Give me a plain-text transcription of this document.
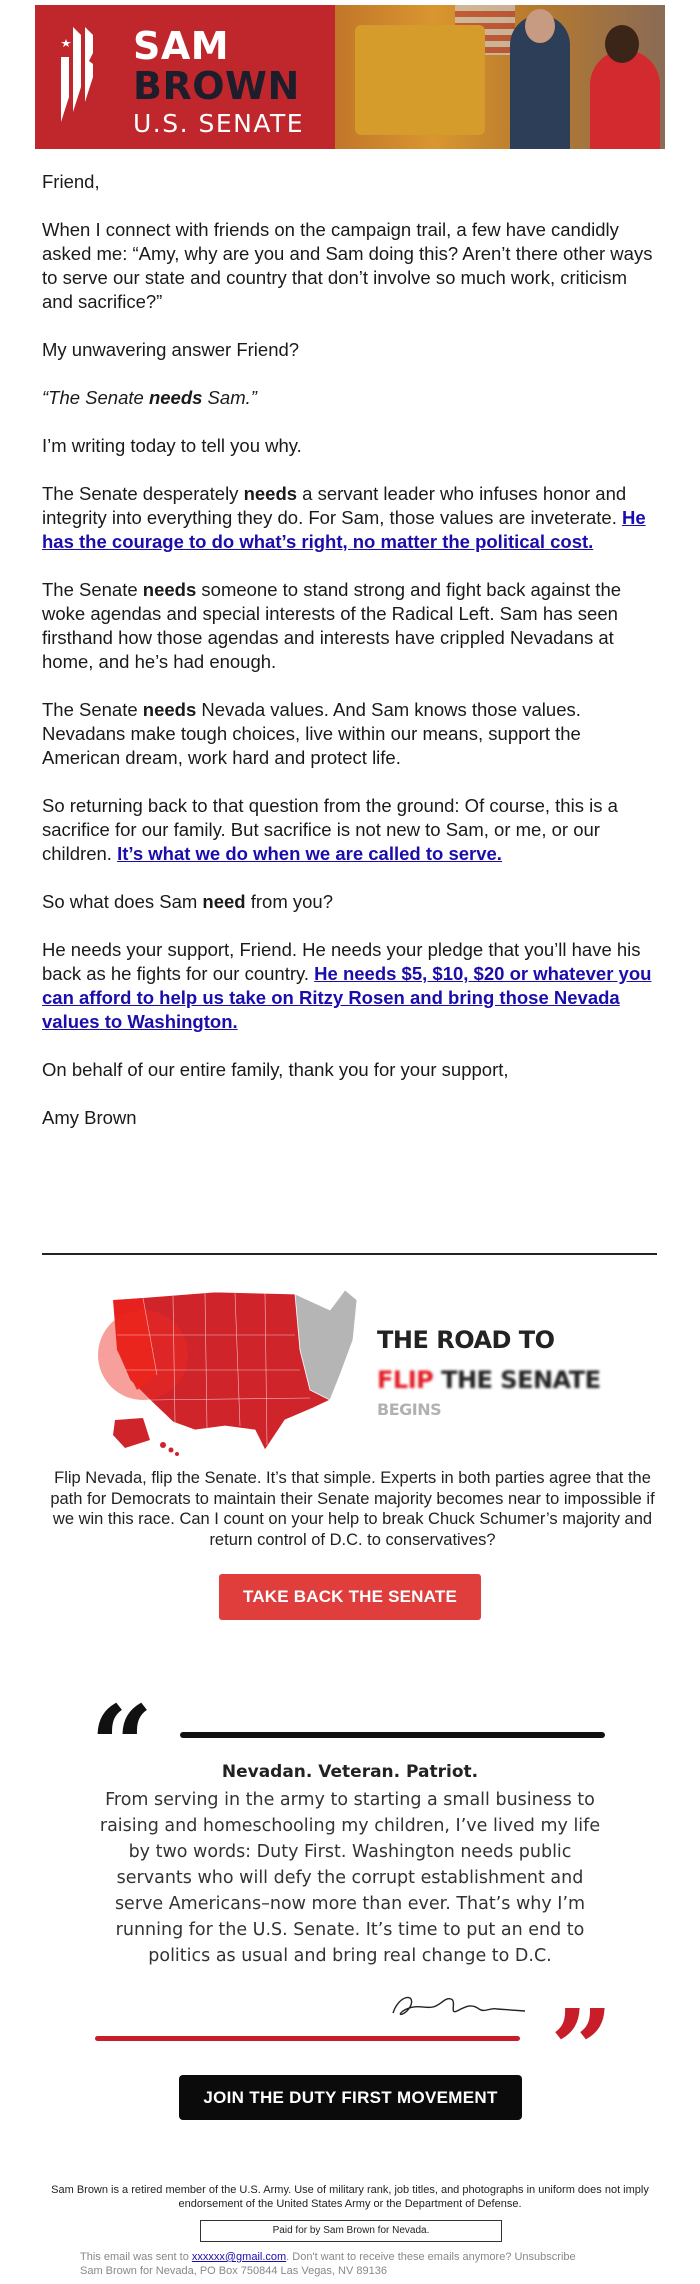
SAM
BROWN
U.S. SENATE

Friend,

When I connect with friends on the campaign trail, a few have candidly asked me: “Amy, why are you and Sam doing this? Aren’t there other ways to serve our state and country that don’t involve so much work, criticism and sacrifice?”

My unwavering answer Friend?

“The Senate needs Sam.”

I’m writing today to tell you why.

The Senate desperately needs a servant leader who infuses honor and integrity into everything they do. For Sam, those values are inveterate. He has the courage to do what’s right, no matter the political cost.

The Senate needs someone to stand strong and fight back against the woke agendas and special interests of the Radical Left. Sam has seen firsthand how those agendas and interests have crippled Nevadans at home, and he’s had enough.

The Senate needs Nevada values. And Sam knows those values. Nevadans make tough choices, live within our means, support the American dream, work hard and protect life.

So returning back to that question from the ground: Of course, this is a sacrifice for our family. But sacrifice is not new to Sam, or me, or our children. It’s what we do when we are called to serve.

So what does Sam need from you?

He needs your support, Friend. He needs your pledge that you’ll have his back as he fights for our country. He needs $5, $10, $20 or whatever you can afford to help us take on Ritzy Rosen and bring those Nevada values to Washington.

On behalf of our entire family, thank you for your support,

Amy Brown

THE ROAD TO
FLIP THE SENATE
BEGINS
Flip Nevada, flip the Senate. It’s that simple. Experts in both parties agree that the path for Democrats to maintain their Senate majority becomes near to impossible if we win this race. Can I count on your help to break Chuck Schumer’s majority and return control of D.C. to conservatives?
TAKE BACK THE SENATE
“	Nevadan. Veteran. Patriot.
From serving in the army to starting a small business to raising and homeschooling my children, I’ve lived my life by two words: Duty First. Washington needs public servants who will defy the corrupt establishment and serve Americans–now more than ever. That’s why I’m running for the U.S. Senate. It’s time to put an end to politics as usual and bring real change to D.C.
”
JOIN THE DUTY FIRST MOVEMENT
Sam Brown is a retired member of the U.S. Army. Use of military rank, job titles, and photographs in uniform does not imply endorsement of the United States Army or the Department of Defense.
Paid for by Sam Brown for Nevada.
This email was sent to xxxxxx@gmail.com. Don't want to receive these emails anymore? Unsubscribe
Sam Brown for Nevada, PO Box 750844 Las Vegas, NV 89136
